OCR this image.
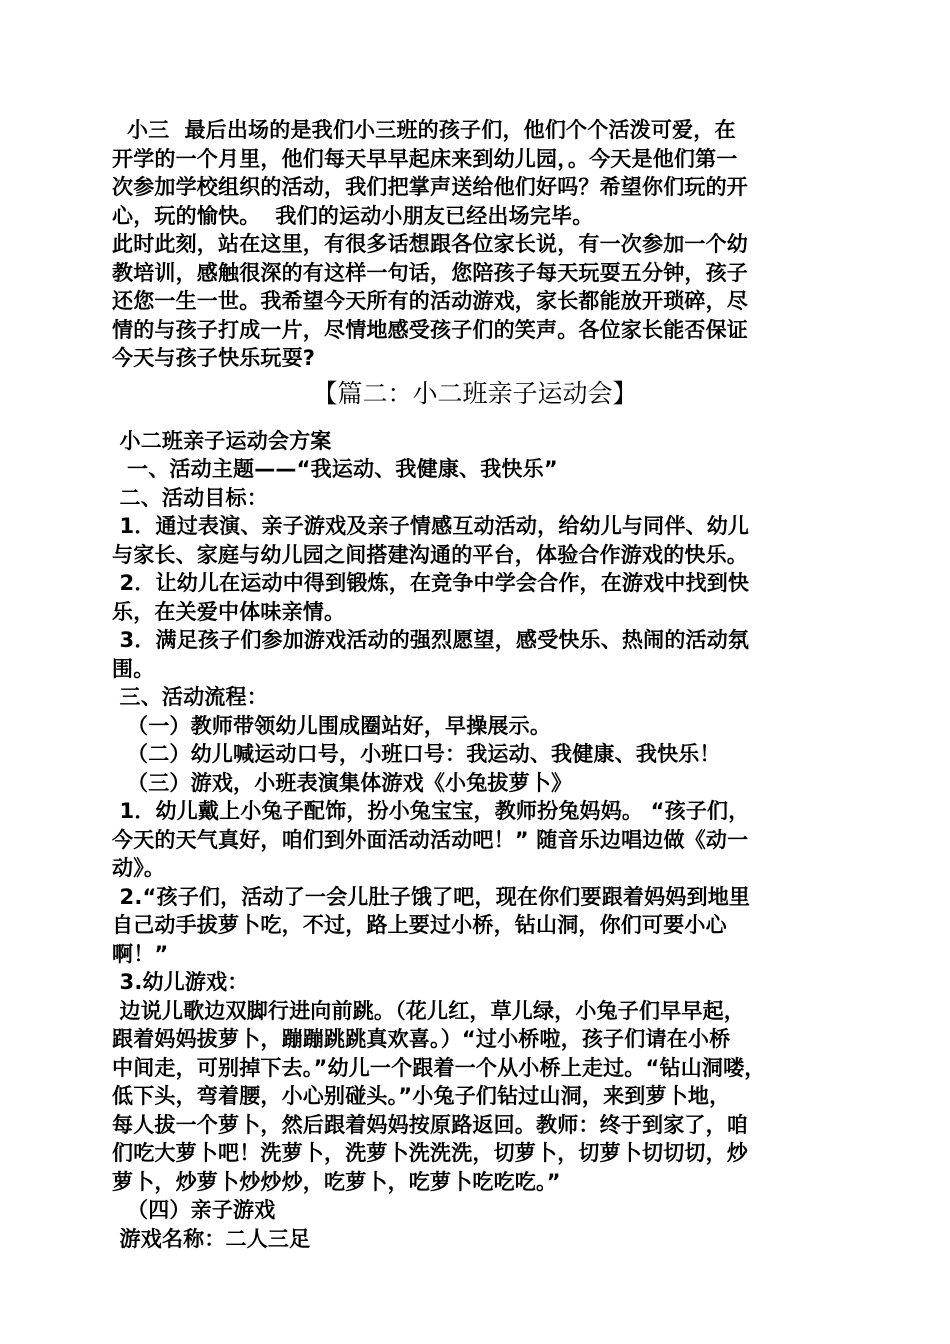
小三  最后出场的是我们小三班的孩子们，他们个个活泼可爱，在
开学的一个月里，他们每天早早起床来到幼儿园，。今天是他们第一
次参加学校组织的活动，我们把掌声送给他们好吗？希望你们玩的开
心，玩的愉快。  我们的运动小朋友已经出场完毕。
此时此刻，站在这里，有很多话想跟各位家长说，有一次参加一个幼
教培训，感触很深的有这样一句话，您陪孩子每天玩耍五分钟，孩子
还您一生一世。我希望今天所有的活动游戏，家长都能放开琐碎，尽
情的与孩子打成一片，尽情地感受孩子们的笑声。各位家长能否保证
今天与孩子快乐玩耍?
【篇二：小二班亲子运动会】
小二班亲子运动会方案
一、活动主题——“我运动、我健康、我快乐”
二、活动目标：
1．通过表演、亲子游戏及亲子情感互动活动，给幼儿与同伴、幼儿
与家长、家庭与幼儿园之间搭建沟通的平台，体验合作游戏的快乐。
2．让幼儿在运动中得到锻炼，在竞争中学会合作，在游戏中找到快
乐，在关爱中体味亲情。
3．满足孩子们参加游戏活动的强烈愿望，感受快乐、热闹的活动氛
围。
三、活动流程：
（一）教师带领幼儿围成圈站好，早操展示。
（二）幼儿喊运动口号，小班口号：我运动、我健康、我快乐！
（三）游戏，小班表演集体游戏《小兔拔萝卜》
1．幼儿戴上小兔子配饰，扮小兔宝宝，教师扮兔妈妈。 “孩子们，
今天的天气真好，咱们到外面活动活动吧！” 随音乐边唱边做《动一
动》。
2.“孩子们，活动了一会儿肚子饿了吧，现在你们要跟着妈妈到地里
自己动手拔萝卜吃，不过，路上要过小桥，钻山洞，你们可要小心
啊！”
3.幼儿游戏：
边说儿歌边双脚行进向前跳。（花儿红，草儿绿，小兔子们早早起，
跟着妈妈拔萝卜，蹦蹦跳跳真欢喜。）“过小桥啦，孩子们请在小桥
中间走，可别掉下去。”幼儿一个跟着一个从小桥上走过。“钻山洞喽，
低下头，弯着腰，小心别碰头。”小兔子们钻过山洞，来到萝卜地，
每人拔一个萝卜，然后跟着妈妈按原路返回。教师：终于到家了，咱
们吃大萝卜吧！洗萝卜，洗萝卜洗洗洗，切萝卜，切萝卜切切切，炒
萝卜，炒萝卜炒炒炒，吃萝卜，吃萝卜吃吃吃。”
（四）亲子游戏
游戏名称：二人三足
